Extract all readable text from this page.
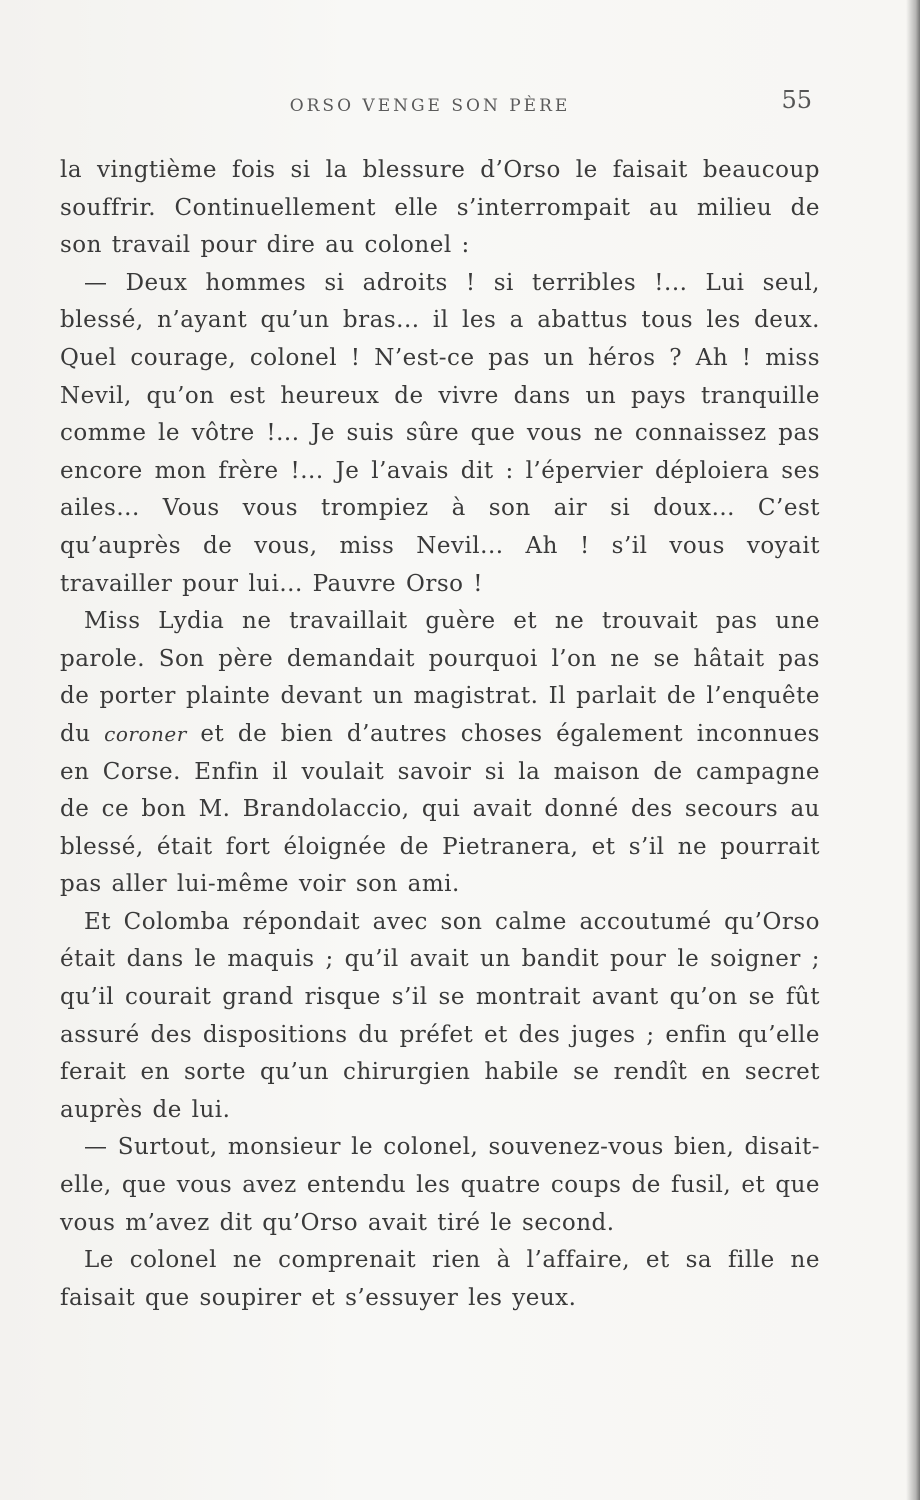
ORSO VENGE SON PÈRE	55

la vingtième fois si la blessure d’Orso le faisait beaucoup souffrir. Continuellement elle s’interrompait au milieu de son travail pour dire au colonel :

— Deux hommes si adroits ! si terribles !... Lui seul, blessé, n’ayant qu’un bras... il les a abattus tous les deux. Quel courage, colonel ! N’est-ce pas un héros ? Ah ! miss Nevil, qu’on est heureux de vivre dans un pays tranquille comme le vôtre !... Je suis sûre que vous ne connaissez pas encore mon frère !... Je l’avais dit : l’épervier déploiera ses ailes... Vous vous trompiez à son air si doux... C’est qu’auprès de vous, miss Nevil... Ah ! s’il vous voyait travailler pour lui... Pauvre Orso !

Miss Lydia ne travaillait guère et ne trouvait pas une parole. Son père demandait pourquoi l’on ne se hâtait pas de porter plainte devant un magistrat. Il parlait de l’enquête du coroner et de bien d’autres choses également inconnues en Corse. Enfin il voulait savoir si la maison de campagne de ce bon M. Brandolaccio, qui avait donné des secours au blessé, était fort éloignée de Pietranera, et s’il ne pourrait pas aller lui-même voir son ami.

Et Colomba répondait avec son calme accoutumé qu’Orso était dans le maquis ; qu’il avait un bandit pour le soigner ; qu’il courait grand risque s’il se montrait avant qu’on se fût assuré des dispositions du préfet et des juges ; enfin qu’elle ferait en sorte qu’un chirurgien habile se rendît en secret auprès de lui.

— Surtout, monsieur le colonel, souvenez-vous bien, disait-elle, que vous avez entendu les quatre coups de fusil, et que vous m’avez dit qu’Orso avait tiré le second.

Le colonel ne comprenait rien à l’affaire, et sa fille ne faisait que soupirer et s’essuyer les yeux.
